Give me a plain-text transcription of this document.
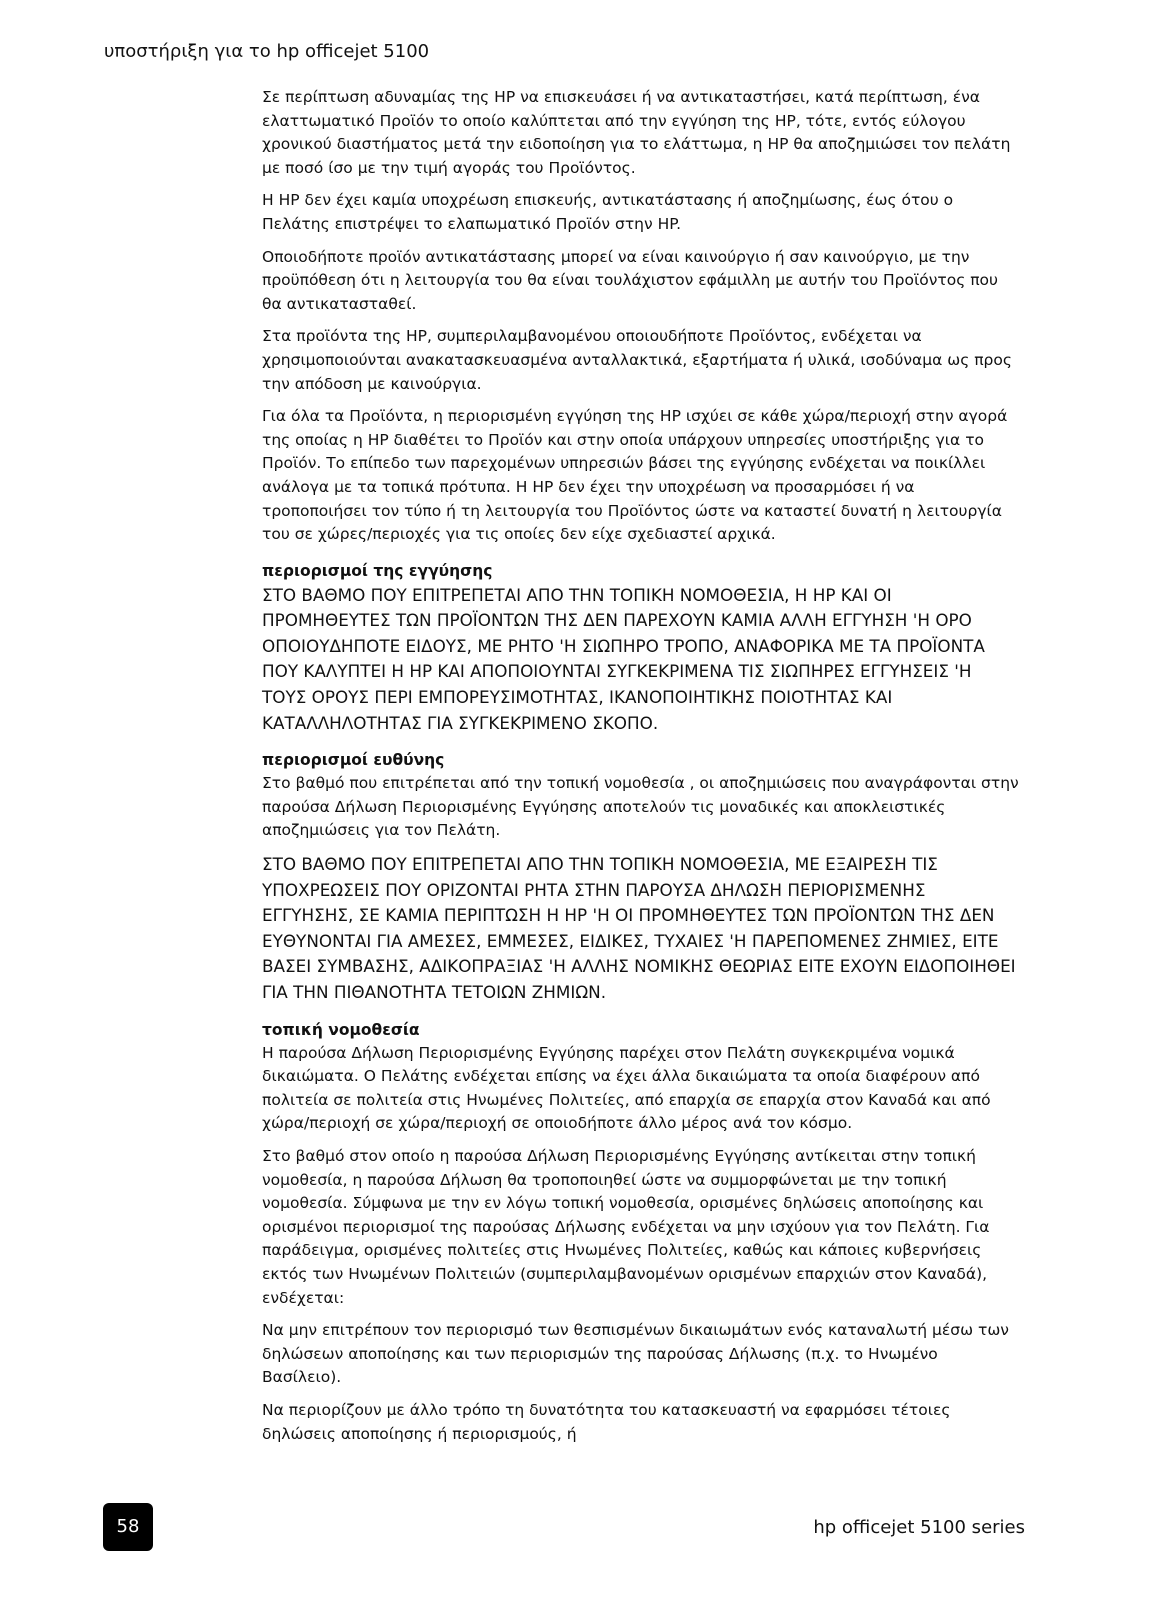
υποστήριξη για το hp officejet 5100

Σε περίπτωση αδυναμίας της HP να επισκευάσει ή να αντικαταστήσει, κατά περίπτωση, ένα ελαττωματικό Προϊόν το οποίο καλύπτεται από την εγγύηση της HP, τότε, εντός εύλογου χρονικού διαστήματος μετά την ειδοποίηση για το ελάττωμα, η HP θα αποζημιώσει τον πελάτη με ποσό ίσο με την τιμή αγοράς του Προϊόντος.

Η HP δεν έχει καμία υποχρέωση επισκευής, αντικατάστασης ή αποζημίωσης, έως ότου ο Πελάτης επιστρέψει το ελαπωματικό Προϊόν στην HP.

Οποιοδήποτε προϊόν αντικατάστασης μπορεί να είναι καινούργιο ή σαν καινούργιο, με την προϋπόθεση ότι η λειτουργία του θα είναι τουλάχιστον εφάμιλλη με αυτήν του Προϊόντος που θα αντικατασταθεί.

Στα προϊόντα της HP, συμπεριλαμβανομένου οποιουδήποτε Προϊόντος, ενδέχεται να χρησιμοποιούνται ανακατασκευασμένα ανταλλακτικά, εξαρτήματα ή υλικά, ισοδύναμα ως προς την απόδοση με καινούργια.

Για όλα τα Προϊόντα, η περιορισμένη εγγύηση της HP ισχύει σε κάθε χώρα/περιοχή στην αγορά της οποίας η HP διαθέτει το Προϊόν και στην οποία υπάρχουν υπηρεσίες υποστήριξης για το Προϊόν. Το επίπεδο των παρεχομένων υπηρεσιών βάσει της εγγύησης ενδέχεται να ποικίλλει ανάλογα με τα τοπικά πρότυπα. Η HP δεν έχει την υποχρέωση να προσαρμόσει ή να τροποποιήσει τον τύπο ή τη λειτουργία του Προϊόντος ώστε να καταστεί δυνατή η λειτουργία του σε χώρες/περιοχές για τις οποίες δεν είχε σχεδιαστεί αρχικά.

περιορισμοί της εγγύησης

ΣΤΟ ΒΑΘΜΟ ΠΟΥ ΕΠΙΤΡΕΠΕΤΑΙ ΑΠΟ ΤΗΝ ΤΟΠΙΚΗ ΝΟΜΟΘΕΣΙΑ, Η HP ΚΑΙ ΟΙ ΠΡΟΜΗΘΕΥΤΕΣ ΤΩΝ ΠΡΟΪΟΝΤΩΝ ΤΗΣ ΔΕΝ ΠΑΡΕΧΟΥΝ ΚΑΜΙΑ ΑΛΛΗ ΕΓΓΥΗΣΗ 'Η ΟΡΟ ΟΠΟΙΟΥΔΗΠΟΤΕ ΕΙΔΟΥΣ, ΜΕ ΡΗΤΟ 'Η ΣΙΩΠΗΡΟ ΤΡΟΠΟ, ΑΝΑΦΟΡΙΚΑ ΜΕ ΤΑ ΠΡΟΪΟΝΤΑ ΠΟΥ ΚΑΛΥΠΤΕΙ Η HP ΚΑΙ ΑΠΟΠΟΙΟΥΝΤΑΙ ΣΥΓΚΕΚΡΙΜΕΝΑ ΤΙΣ ΣΙΩΠΗΡΕΣ ΕΓΓΥΗΣΕΙΣ 'Η ΤΟΥΣ ΟΡΟΥΣ ΠΕΡΙ ΕΜΠΟΡΕΥΣΙΜΟΤΗΤΑΣ, ΙΚΑΝΟΠΟΙΗΤΙΚΗΣ ΠΟΙΟΤΗΤΑΣ ΚΑΙ ΚΑΤΑΛΛΗΛΟΤΗΤΑΣ ΓΙΑ ΣΥΓΚΕΚΡΙΜΕΝΟ ΣΚΟΠΟ.

περιορισμοί ευθύνης

Στο βαθμό που επιτρέπεται από την τοπική νομοθεσία , οι αποζημιώσεις που αναγράφονται στην παρούσα Δήλωση Περιορισμένης Εγγύησης αποτελούν τις μοναδικές και αποκλειστικές αποζημιώσεις για τον Πελάτη.

ΣΤΟ ΒΑΘΜΟ ΠΟΥ ΕΠΙΤΡΕΠΕΤΑΙ ΑΠΟ ΤΗΝ ΤΟΠΙΚΗ ΝΟΜΟΘΕΣΙΑ, ΜΕ ΕΞΑΙΡΕΣΗ ΤΙΣ ΥΠΟΧΡΕΩΣΕΙΣ ΠΟΥ ΟΡΙΖΟΝΤΑΙ ΡΗΤΑ ΣΤΗΝ ΠΑΡΟΥΣΑ ΔΗΛΩΣΗ ΠΕΡΙΟΡΙΣΜΕΝΗΣ ΕΓΓΥΗΣΗΣ, ΣΕ ΚΑΜΙΑ ΠΕΡΙΠΤΩΣΗ Η HP 'Η ΟΙ ΠΡΟΜΗΘΕΥΤΕΣ ΤΩΝ ΠΡΟΪΟΝΤΩΝ ΤΗΣ ΔΕΝ ΕΥΘΥΝΟΝΤΑΙ ΓΙΑ ΑΜΕΣΕΣ, ΕΜΜΕΣΕΣ, ΕΙΔΙΚΕΣ, ΤΥΧΑΙΕΣ 'Η ΠΑΡΕΠΟΜΕΝΕΣ ΖΗΜΙΕΣ, ΕΙΤΕ ΒΑΣΕΙ ΣΥΜΒΑΣΗΣ, ΑΔΙΚΟΠΡΑΞΙΑΣ 'Η ΑΛΛΗΣ ΝΟΜΙΚΗΣ ΘΕΩΡΙΑΣ ΕΙΤΕ ΕΧΟΥΝ ΕΙΔΟΠΟΙΗΘΕΙ ΓΙΑ ΤΗΝ ΠΙΘΑΝΟΤΗΤΑ ΤΕΤΟΙΩΝ ΖΗΜΙΩΝ.

τοπική νομοθεσία

Η παρούσα Δήλωση Περιορισμένης Εγγύησης παρέχει στον Πελάτη συγκεκριμένα νομικά δικαιώματα. Ο Πελάτης ενδέχεται επίσης να έχει άλλα δικαιώματα τα οποία διαφέρουν από πολιτεία σε πολιτεία στις Ηνωμένες Πολιτείες, από επαρχία σε επαρχία στον Καναδά και από χώρα/περιοχή σε χώρα/περιοχή σε οποιοδήποτε άλλο μέρος ανά τον κόσμο.

Στο βαθμό στον οποίο η παρούσα Δήλωση Περιορισμένης Εγγύησης αντίκειται στην τοπική νομοθεσία, η παρούσα Δήλωση θα τροποποιηθεί ώστε να συμμορφώνεται με την τοπική νομοθεσία. Σύμφωνα με την εν λόγω τοπική νομοθεσία, ορισμένες δηλώσεις αποποίησης και ορισμένοι περιορισμοί της παρούσας Δήλωσης ενδέχεται να μην ισχύουν για τον Πελάτη. Για παράδειγμα, ορισμένες πολιτείες στις Ηνωμένες Πολιτείες, καθώς και κάποιες κυβερνήσεις εκτός των Ηνωμένων Πολιτειών (συμπεριλαμβανομένων ορισμένων επαρχιών στον Καναδά), ενδέχεται:

Να μην επιτρέπουν τον περιορισμό των θεσπισμένων δικαιωμάτων ενός καταναλωτή μέσω των δηλώσεων αποποίησης και των περιορισμών της παρούσας Δήλωσης (π.χ. το Ηνωμένο Βασίλειο).

Να περιορίζουν με άλλο τρόπο τη δυνατότητα του κατασκευαστή να εφαρμόσει τέτοιες δηλώσεις αποποίησης ή περιορισμούς, ή

58	hp officejet 5100 series
